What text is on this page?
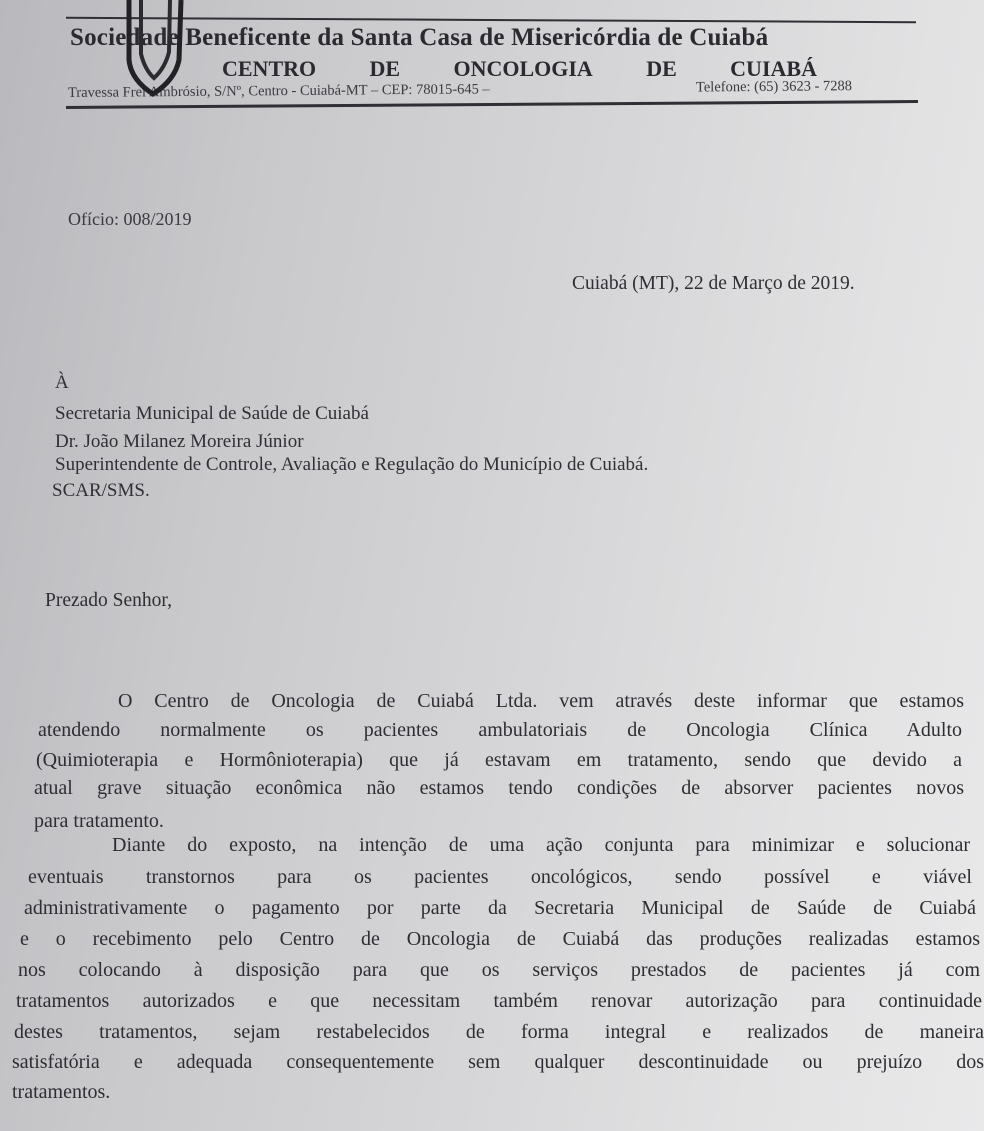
Sociedade Beneficente da Santa Casa de Misericórdia de Cuiabá
CENTRO DE ONCOLOGIA DE CUIABÁ
Travessa Frei Ambrósio, S/Nº, Centro - Cuiabá-MT – CEP: 78015-645 –	Telefone: (65) 3623 - 7288
Ofício: 008/2019
Cuiabá (MT), 22 de Março de 2019.
À
Secretaria Municipal de Saúde de Cuiabá
Dr. João Milanez Moreira Júnior
Superintendente de Controle, Avaliação e Regulação do Município de Cuiabá.
SCAR/SMS.
Prezado Senhor,
O Centro de Oncologia de Cuiabá Ltda. vem através deste informar que estamos
atendendo normalmente os pacientes ambulatoriais de Oncologia Clínica Adulto
(Quimioterapia e Hormônioterapia) que já estavam em tratamento, sendo que devido a
atual grave situação econômica não estamos tendo condições de absorver pacientes novos
para tratamento.
Diante do exposto, na intenção de uma ação conjunta para minimizar e solucionar
eventuais transtornos para os pacientes oncológicos, sendo possível e viável
administrativamente o pagamento por parte da Secretaria Municipal de Saúde de Cuiabá
e o recebimento pelo Centro de Oncologia de Cuiabá das produções realizadas estamos
nos colocando à disposição para que os serviços prestados de pacientes já com
tratamentos autorizados e que necessitam também renovar autorização para continuidade
destes tratamentos, sejam restabelecidos de forma integral e realizados de maneira
satisfatória e adequada consequentemente sem qualquer descontinuidade ou prejuízo dos
tratamentos.
